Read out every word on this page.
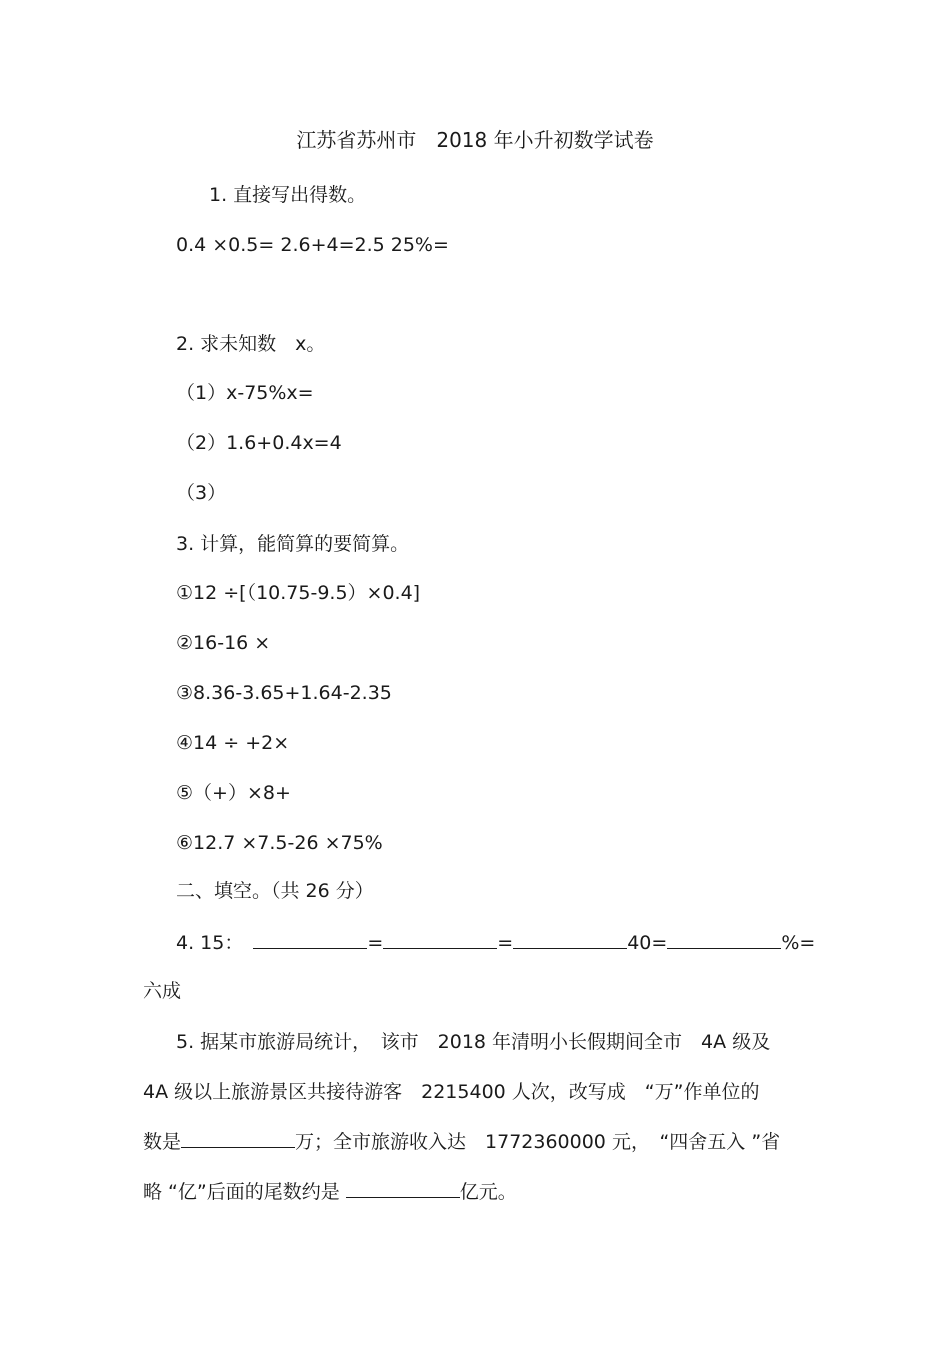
江苏省苏州市　2018 年小升初数学试卷
1. 直接写出得数。
0.4 ×0.5= 2.6+4=2.5 25%=
2. 求未知数　x。
（1）x-75%x=
（2）1.6+0.4x=4
（3）
3. 计算，能简算的要简算。
①12 ÷[（10.75-9.5）×0.4]
②16-16 ×
③8.36-3.65+1.64-2.35
④14 ÷ +2×
⑤（+）×8+
⑥12.7 ×7.5-26 ×75%
二、填空。（共 26 分）
4. 15：	=	=	40=	%=
六成
5. 据某市旅游局统计，　该市　2018 年清明小长假期间全市　4A 级及
4A 级以上旅游景区共接待游客　2215400 人次，改写成　“万”作单位的
数是	万；全市旅游收入达　1772360000 元，　“四舍五入 ”省
略 “亿”后面的尾数约是	亿元。
